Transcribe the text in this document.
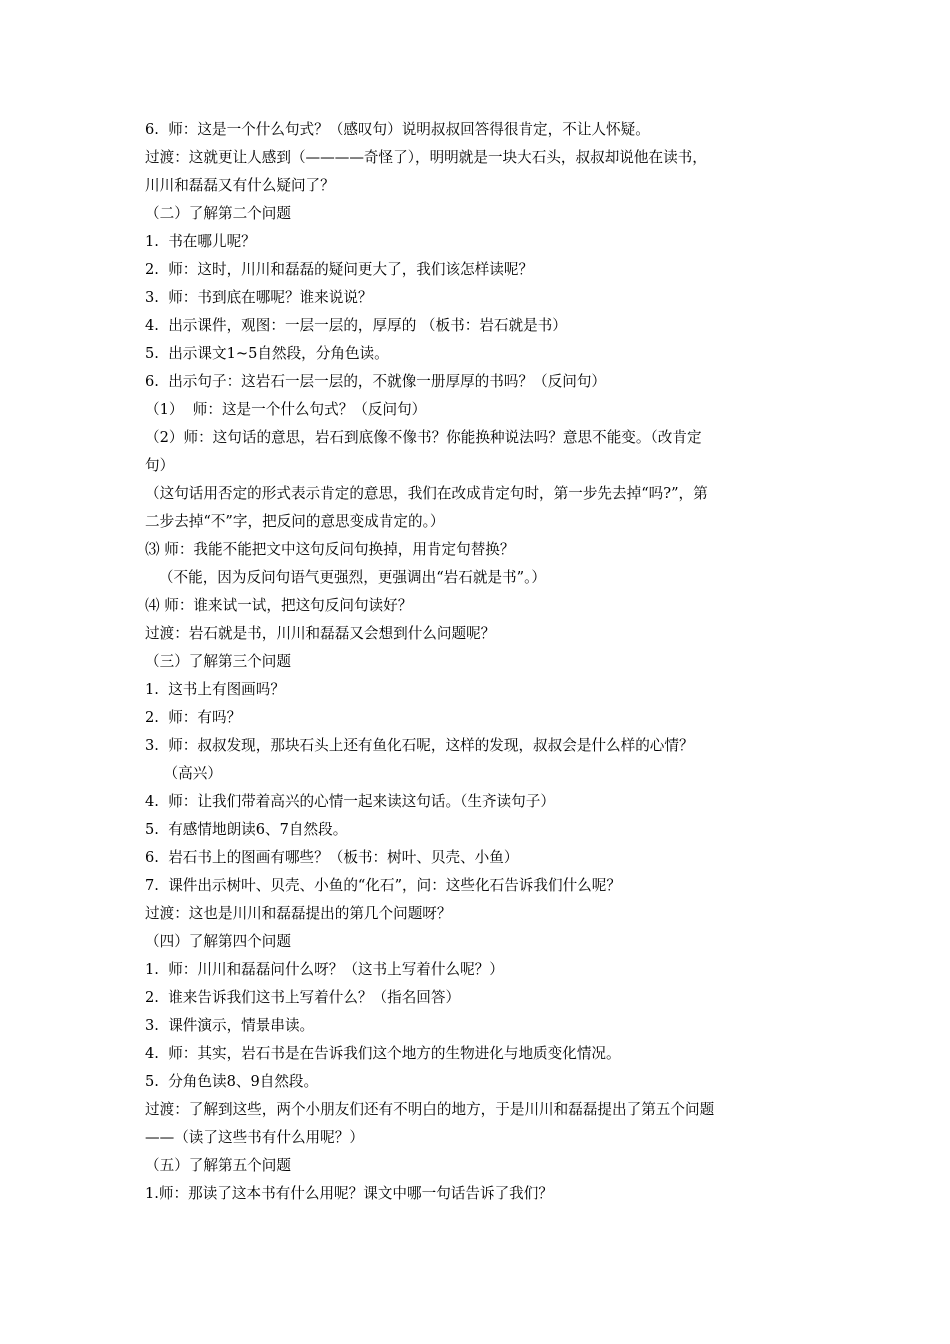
6.  师：这是一个什么句式？（感叹句）说明叔叔回答得很肯定，不让人怀疑。
过渡：这就更让人感到（————奇怪了），明明就是一块大石头，叔叔却说他在读书，
川川和磊磊又有什么疑问了？
（二）了解第二个问题
1.  书在哪儿呢？
2.  师：这时，川川和磊磊的疑问更大了，我们该怎样读呢？
3.  师：书到底在哪呢？谁来说说？
4.  出示课件，观图：一层一层的，厚厚的 （板书：岩石就是书）
5.  出示课文1~5自然段，分角色读。
6.  出示句子：这岩石一层一层的，不就像一册厚厚的书吗？（反问句）
（1）  师：这是一个什么句式？（反问句）
（2）师：这句话的意思，岩石到底像不像书？你能换种说法吗？意思不能变。（改肯定
句）
（这句话用否定的形式表示肯定的意思，我们在改成肯定句时，第一步先去掉“吗?”，第
二步去掉“不”字，把反问的意思变成肯定的。）
⑶ 师：我能不能把文中这句反问句换掉，用肯定句替换？
（不能，因为反问句语气更强烈，更强调出“岩石就是书”。）
⑷ 师：谁来试一试，把这句反问句读好？
过渡：岩石就是书，川川和磊磊又会想到什么问题呢？
（三）了解第三个问题
1.  这书上有图画吗？
2.  师：有吗？
3.  师：叔叔发现，那块石头上还有鱼化石呢，这样的发现，叔叔会是什么样的心情？
（高兴）
4.  师：让我们带着高兴的心情一起来读这句话。（生齐读句子）
5.  有感情地朗读6、7自然段。
6.  岩石书上的图画有哪些？（板书：树叶、贝壳、小鱼）
7.  课件出示树叶、贝壳、小鱼的“化石”，问：这些化石告诉我们什么呢？
过渡：这也是川川和磊磊提出的第几个问题呀？
（四）了解第四个问题
1.  师：川川和磊磊问什么呀？（这书上写着什么呢？）
2.  谁来告诉我们这书上写着什么？（指名回答）
3.  课件演示，情景串读。
4.  师：其实，岩石书是在告诉我们这个地方的生物进化与地质变化情况。
5.  分角色读8、9自然段。
过渡：了解到这些，两个小朋友们还有不明白的地方，于是川川和磊磊提出了第五个问题
——（读了这些书有什么用呢？）
（五）了解第五个问题
1.师：那读了这本书有什么用呢？课文中哪一句话告诉了我们？
